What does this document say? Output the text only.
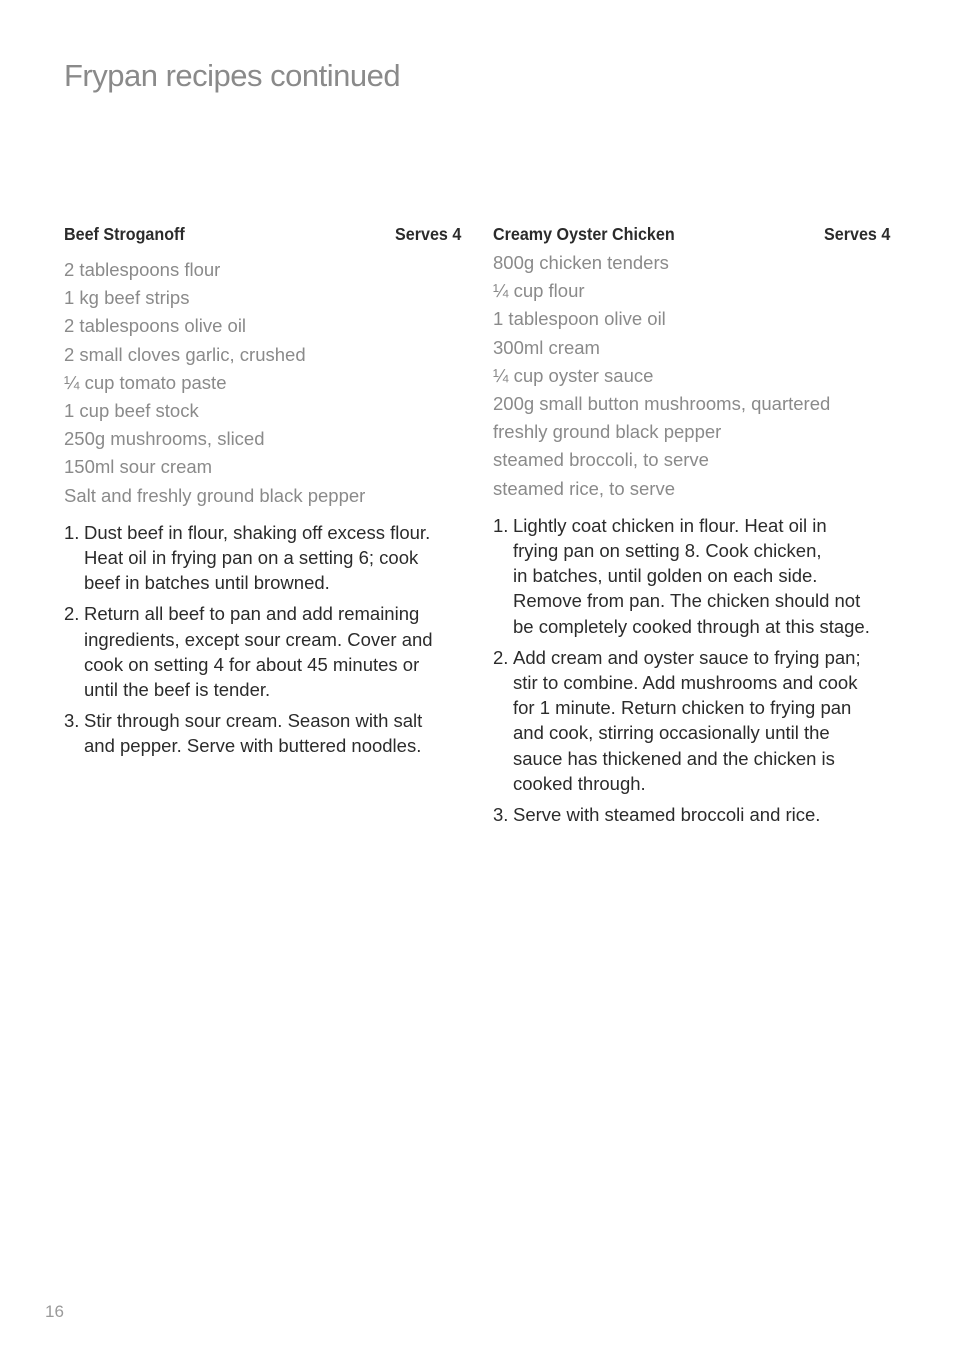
Frypan recipes continued
Beef Stroganoff	Serves 4
2 tablespoons flour
1 kg beef strips
2 tablespoons olive oil
2 small cloves garlic, crushed
¼ cup tomato paste
1 cup beef stock
250g mushrooms, sliced
150ml sour cream
Salt and freshly ground black pepper
1. Dust beef in flour, shaking off excess flour.
Heat oil in frying pan on a setting 6; cook
beef in batches until browned.
2. Return all beef to pan and add remaining
ingredients, except sour cream. Cover and
cook on setting 4 for about 45 minutes or
until the beef is tender.
3. Stir through sour cream. Season with salt
and pepper. Serve with buttered noodles.
Creamy Oyster Chicken	Serves 4
800g chicken tenders
¼ cup flour
1 tablespoon olive oil
300ml cream
¼ cup oyster sauce
200g small button mushrooms, quartered
freshly ground black pepper
steamed broccoli, to serve
steamed rice, to serve
1. Lightly coat chicken in flour. Heat oil in
frying pan on setting 8. Cook chicken,
in batches, until golden on each side.
Remove from pan. The chicken should not
be completely cooked through at this stage.
2. Add cream and oyster sauce to frying pan;
stir to combine. Add mushrooms and cook
for 1 minute. Return chicken to frying pan
and cook, stirring occasionally until the
sauce has thickened and the chicken is
cooked through.
3. Serve with steamed broccoli and rice.
16
